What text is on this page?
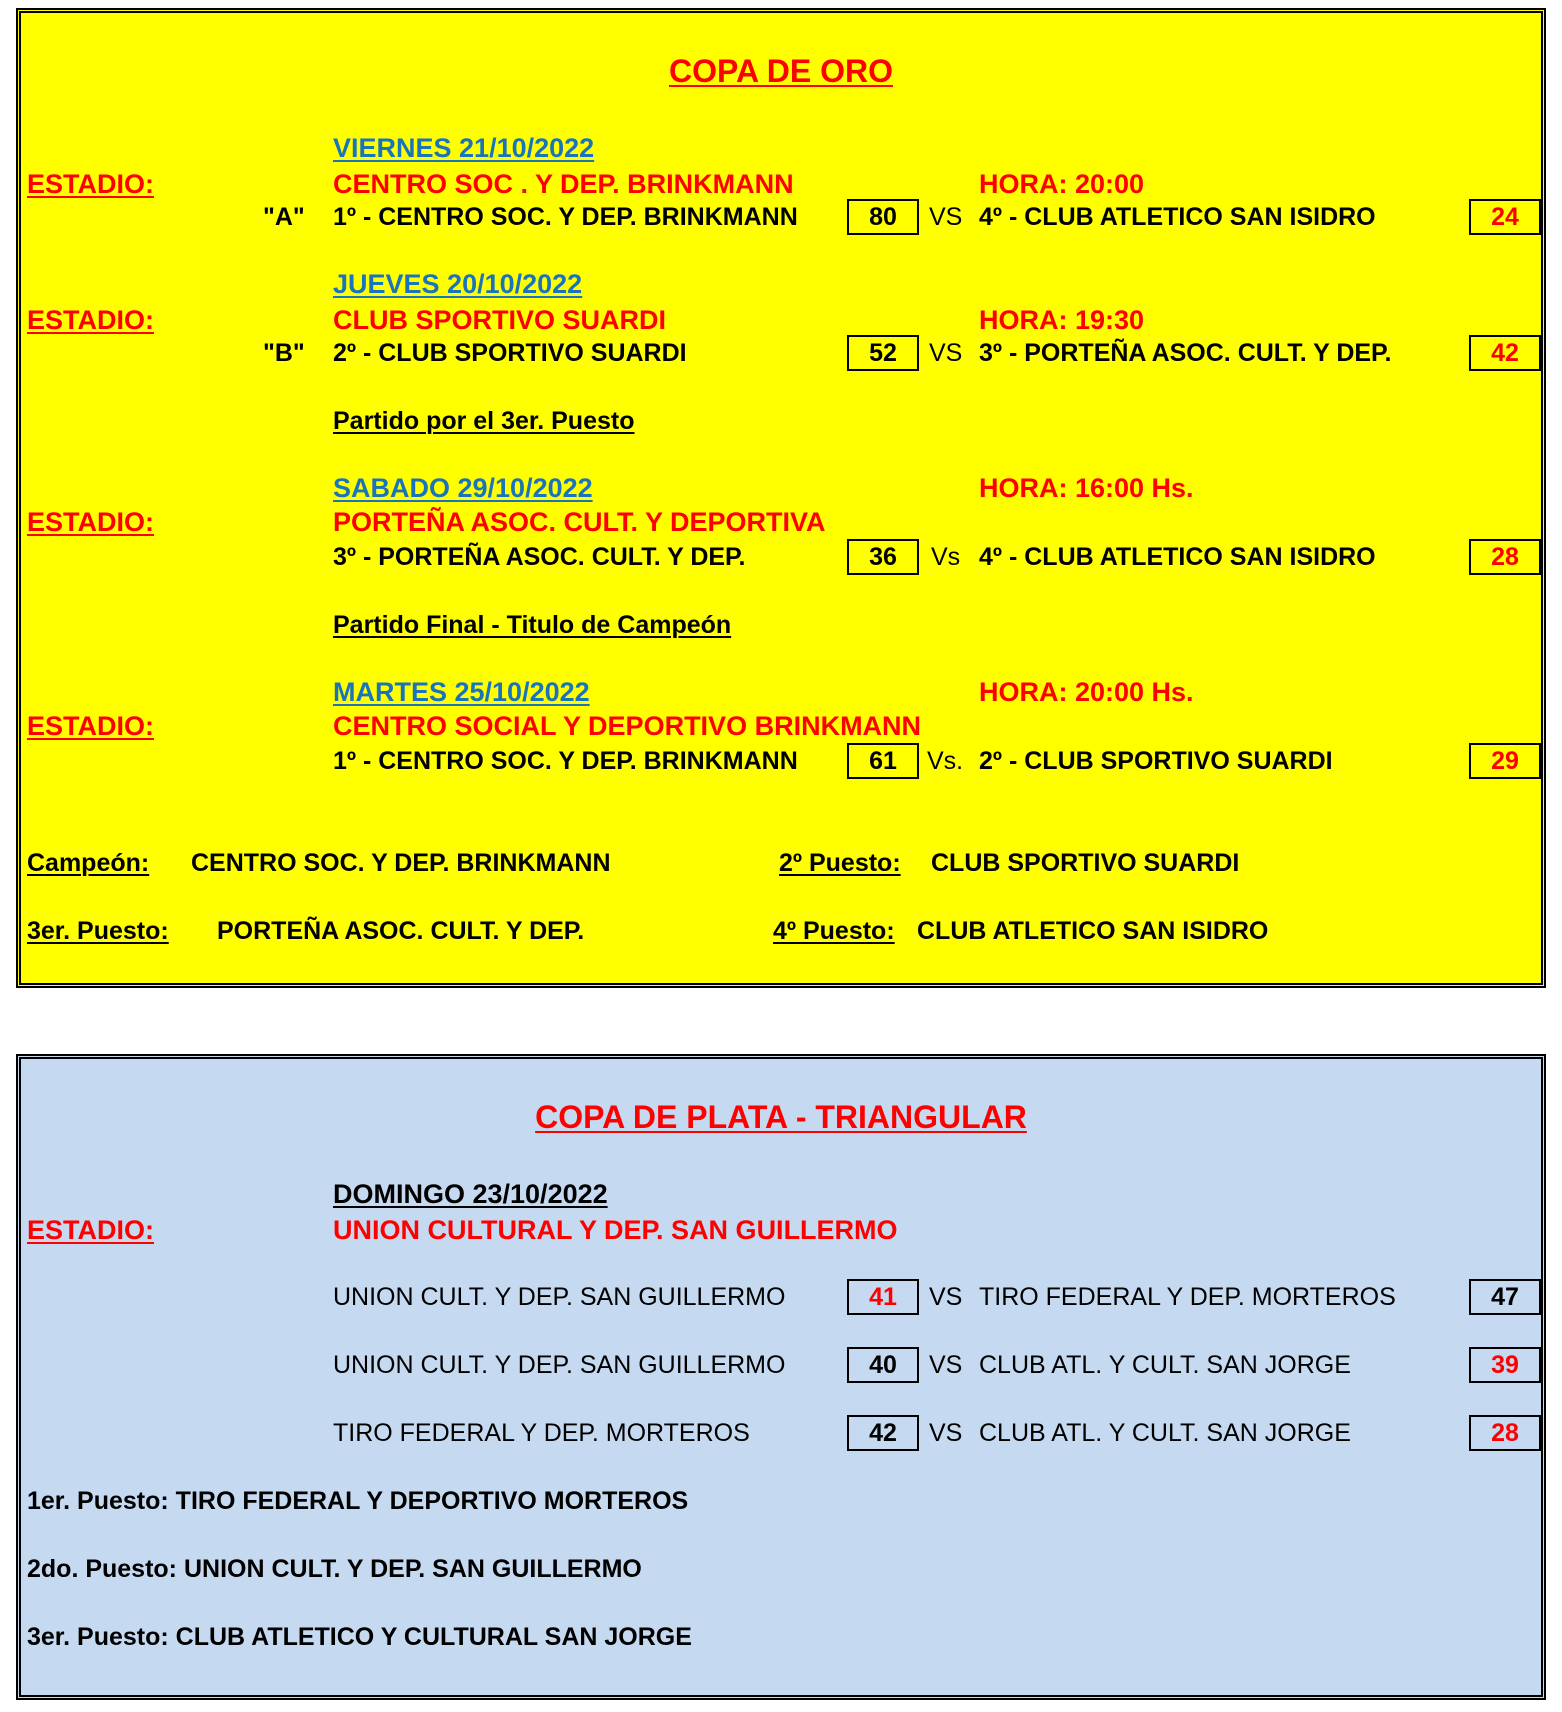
COPA DE ORO
VIERNES 21/10/2022
ESTADIO:	CENTRO SOC . Y DEP. BRINKMANN	HORA: 20:00
"A" 1º - CENTRO SOC. Y DEP. BRINKMANN	80	VS 4º - CLUB ATLETICO SAN ISIDRO	24
JUEVES 20/10/2022
ESTADIO:	CLUB SPORTIVO SUARDI	HORA: 19:30
"B" 2º - CLUB SPORTIVO SUARDI	52	VS 3º - PORTEÑA ASOC. CULT. Y DEP.	42
Partido por el 3er. Puesto
SABADO 29/10/2022	HORA: 16:00 Hs.
ESTADIO:	PORTEÑA ASOC. CULT. Y DEPORTIVA
3º - PORTEÑA ASOC. CULT. Y DEP.	36	Vs 4º - CLUB ATLETICO SAN ISIDRO	28
Partido Final - Titulo de Campeón
MARTES 25/10/2022	HORA: 20:00 Hs.
ESTADIO:	CENTRO SOCIAL Y DEPORTIVO BRINKMANN
1º - CENTRO SOC. Y DEP. BRINKMANN	61	Vs. 2º - CLUB SPORTIVO SUARDI	29
Campeón: CENTRO SOC. Y DEP. BRINKMANN	2º Puesto: CLUB SPORTIVO SUARDI
3er. Puesto: PORTEÑA ASOC. CULT. Y DEP.	4º Puesto: CLUB ATLETICO SAN ISIDRO
COPA DE PLATA - TRIANGULAR
DOMINGO 23/10/2022
ESTADIO:	UNION CULTURAL Y DEP. SAN GUILLERMO
UNION CULT. Y DEP. SAN GUILLERMO	41	VS TIRO FEDERAL Y DEP. MORTEROS	47
UNION CULT. Y DEP. SAN GUILLERMO	40	VS CLUB ATL. Y CULT. SAN JORGE	39
TIRO FEDERAL Y DEP. MORTEROS	42	VS CLUB ATL. Y CULT. SAN JORGE	28
1er. Puesto: TIRO FEDERAL Y DEPORTIVO MORTEROS
2do. Puesto: UNION CULT. Y DEP. SAN GUILLERMO
3er. Puesto: CLUB ATLETICO Y CULTURAL SAN JORGE
